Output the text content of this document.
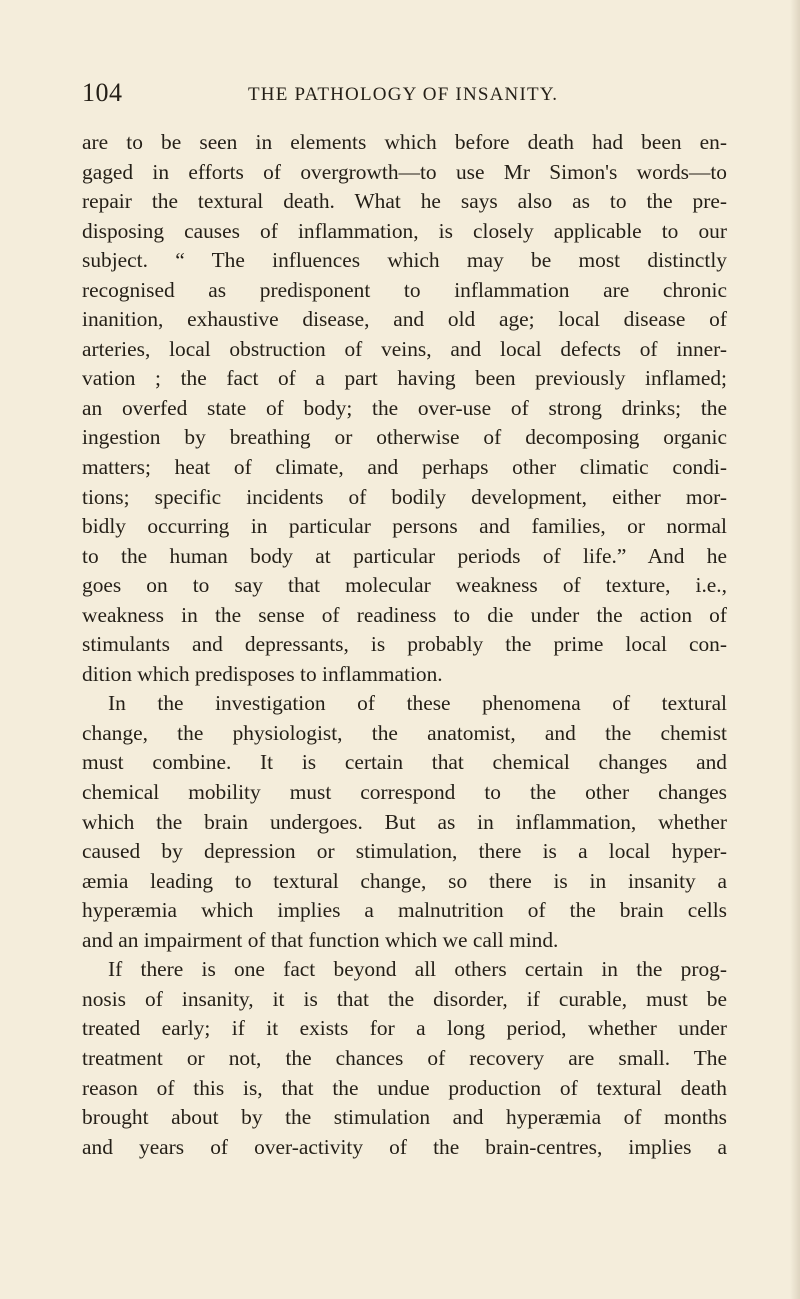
104	THE PATHOLOGY OF INSANITY.
are to be seen in elements which before death had been en-
gaged in efforts of overgrowth—to use Mr Simon's words—to
repair the textural death. What he says also as to the pre-
disposing causes of inflammation, is closely applicable to our
subject. “ The influences which may be most distinctly
recognised as predisponent to inflammation are chronic
inanition, exhaustive disease, and old age; local disease of
arteries, local obstruction of veins, and local defects of inner-
vation ; the fact of a part having been previously inflamed;
an overfed state of body; the over-use of strong drinks; the
ingestion by breathing or otherwise of decomposing organic
matters; heat of climate, and perhaps other climatic condi-
tions; specific incidents of bodily development, either mor-
bidly occurring in particular persons and families, or normal
to the human body at particular periods of life.” And he
goes on to say that molecular weakness of texture, i.e.,
weakness in the sense of readiness to die under the action of
stimulants and depressants, is probably the prime local con-
dition which predisposes to inflammation.
In the investigation of these phenomena of textural
change, the physiologist, the anatomist, and the chemist
must combine. It is certain that chemical changes and
chemical mobility must correspond to the other changes
which the brain undergoes. But as in inflammation, whether
caused by depression or stimulation, there is a local hyper-
æmia leading to textural change, so there is in insanity a
hyperæmia which implies a malnutrition of the brain cells
and an impairment of that function which we call mind.
If there is one fact beyond all others certain in the prog-
nosis of insanity, it is that the disorder, if curable, must be
treated early; if it exists for a long period, whether under
treatment or not, the chances of recovery are small. The
reason of this is, that the undue production of textural death
brought about by the stimulation and hyperæmia of months
and years of over-activity of the brain-centres, implies a
